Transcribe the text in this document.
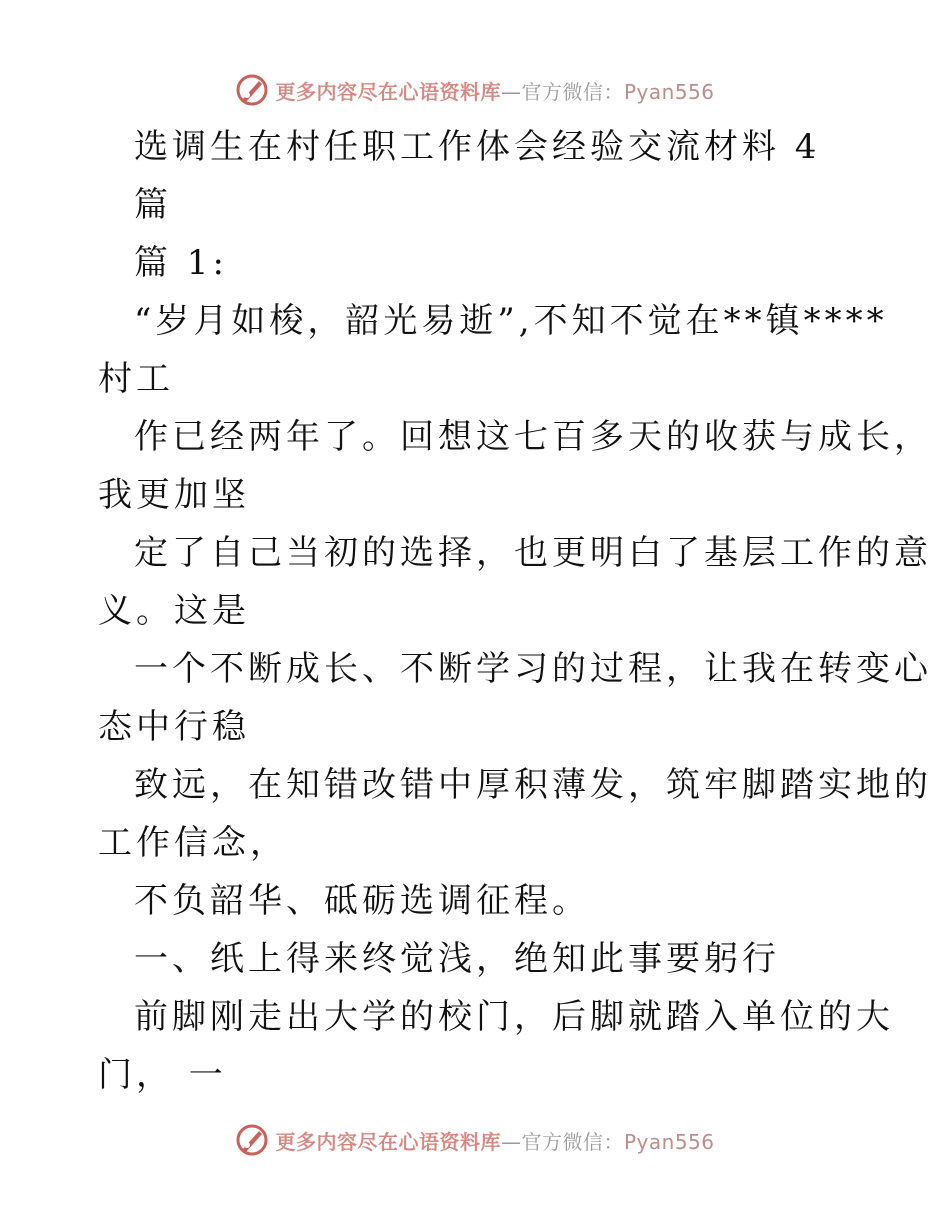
更多内容尽在心语资料库—官方微信：Pyan556
选调生在村任职工作体会经验交流材料 4
篇
篇 1:
“岁月如梭，韶光易逝”,不知不觉在**镇****
村工
作已经两年了。回想这七百多天的收获与成长，
我更加坚
定了自己当初的选择，也更明白了基层工作的意
义。这是
一个不断成长、不断学习的过程，让我在转变心
态中行稳
致远，在知错改错中厚积薄发，筑牢脚踏实地的
工作信念，
不负韶华、砥砺选调征程。
一、纸上得来终觉浅，绝知此事要躬行
前脚刚走出大学的校门，后脚就踏入单位的大
门， 一
更多内容尽在心语资料库—官方微信：Pyan556
